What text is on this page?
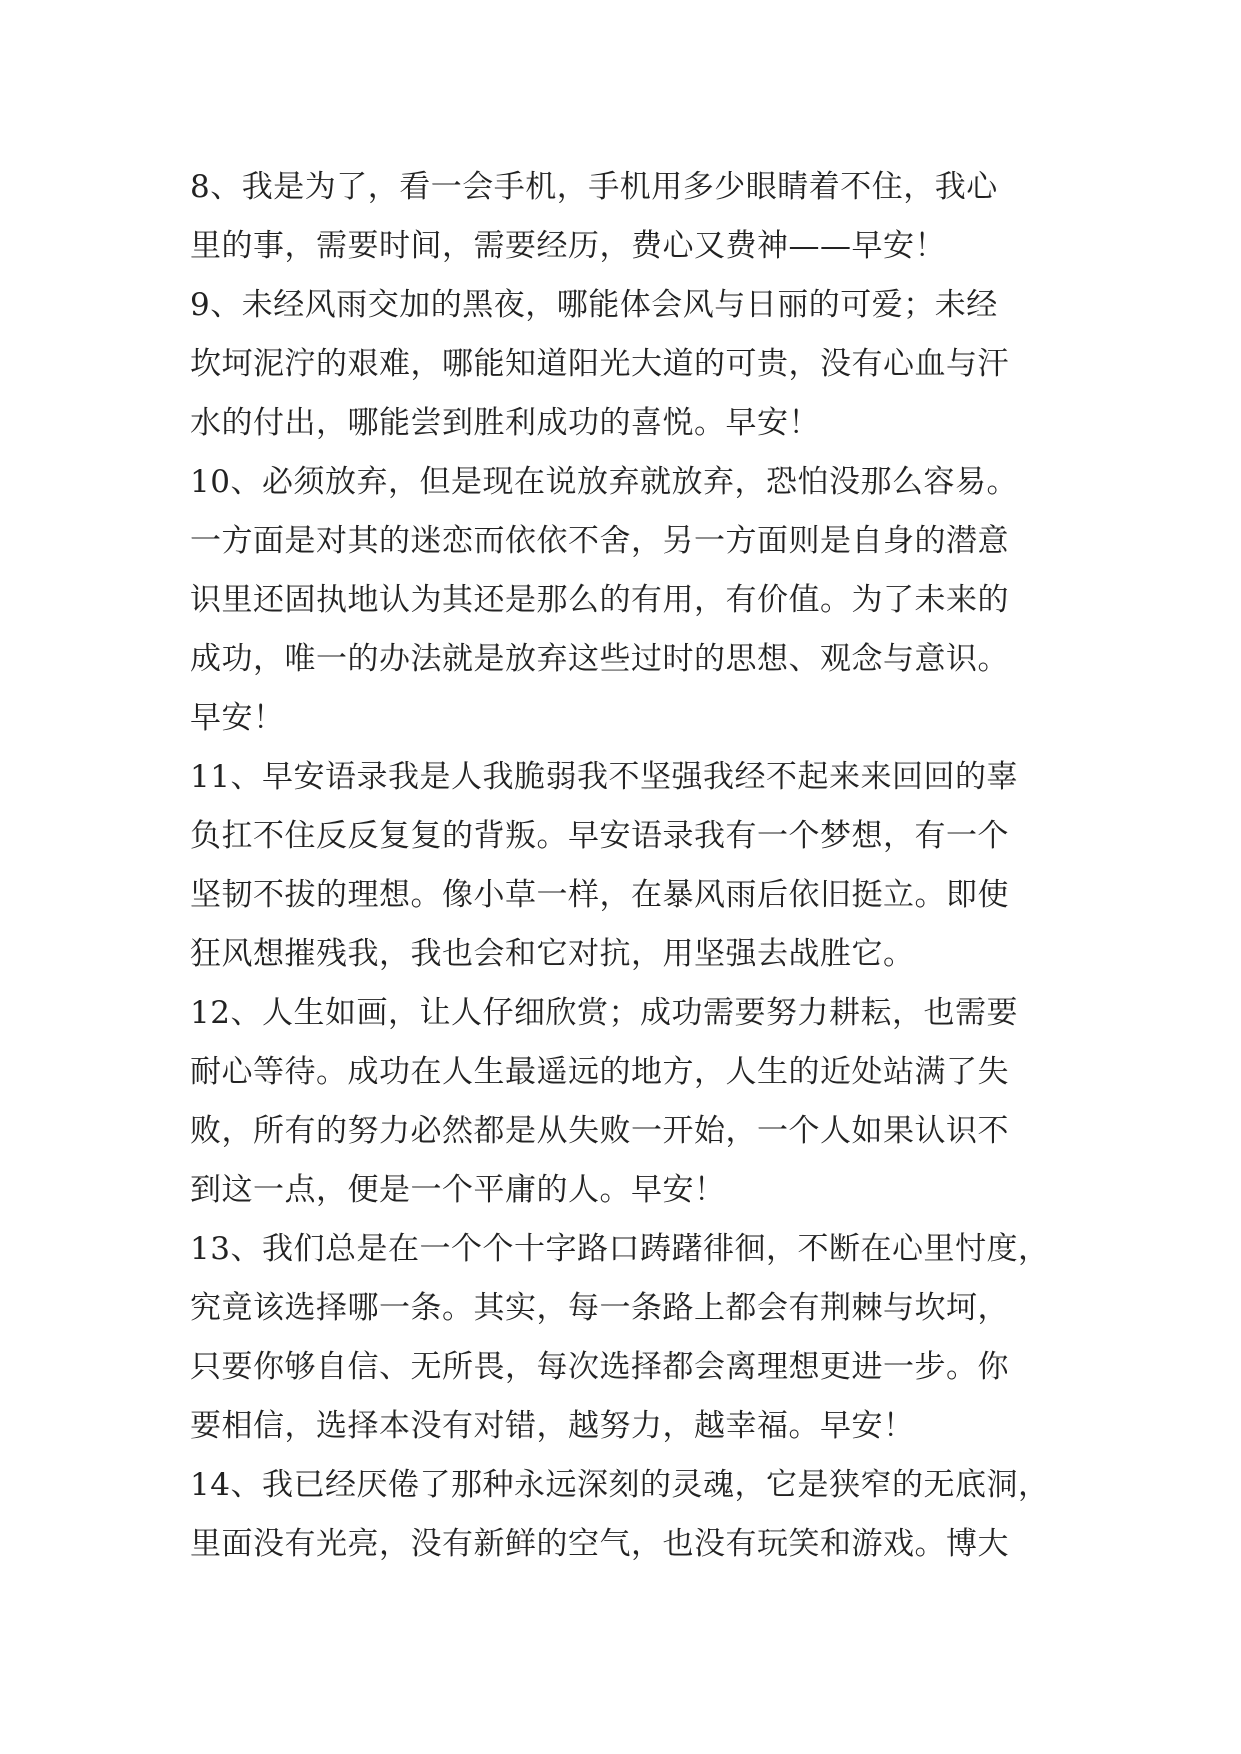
8、我是为了，看一会手机，手机用多少眼睛着不住，我心
里的事，需要时间，需要经历，费心又费神——早安！
9、未经风雨交加的黑夜，哪能体会风与日丽的可爱；未经
坎坷泥泞的艰难，哪能知道阳光大道的可贵，没有心血与汗
水的付出，哪能尝到胜利成功的喜悦。早安！
10、必须放弃，但是现在说放弃就放弃，恐怕没那么容易。
一方面是对其的迷恋而依依不舍，另一方面则是自身的潜意
识里还固执地认为其还是那么的有用，有价值。为了未来的
成功，唯一的办法就是放弃这些过时的思想、观念与意识。
早安！
11、早安语录我是人我脆弱我不坚强我经不起来来回回的辜
负扛不住反反复复的背叛。早安语录我有一个梦想，有一个
坚韧不拔的理想。像小草一样，在暴风雨后依旧挺立。即使
狂风想摧残我，我也会和它对抗，用坚强去战胜它。
12、人生如画，让人仔细欣赏；成功需要努力耕耘，也需要
耐心等待。成功在人生最遥远的地方，人生的近处站满了失
败，所有的努力必然都是从失败一开始，一个人如果认识不
到这一点，便是一个平庸的人。早安！
13、我们总是在一个个十字路口踌躇徘徊，不断在心里忖度，
究竟该选择哪一条。其实，每一条路上都会有荆棘与坎坷，
只要你够自信、无所畏，每次选择都会离理想更进一步。你
要相信，选择本没有对错，越努力，越幸福。早安！
14、我已经厌倦了那种永远深刻的灵魂，它是狭窄的无底洞，
里面没有光亮，没有新鲜的空气，也没有玩笑和游戏。博大
